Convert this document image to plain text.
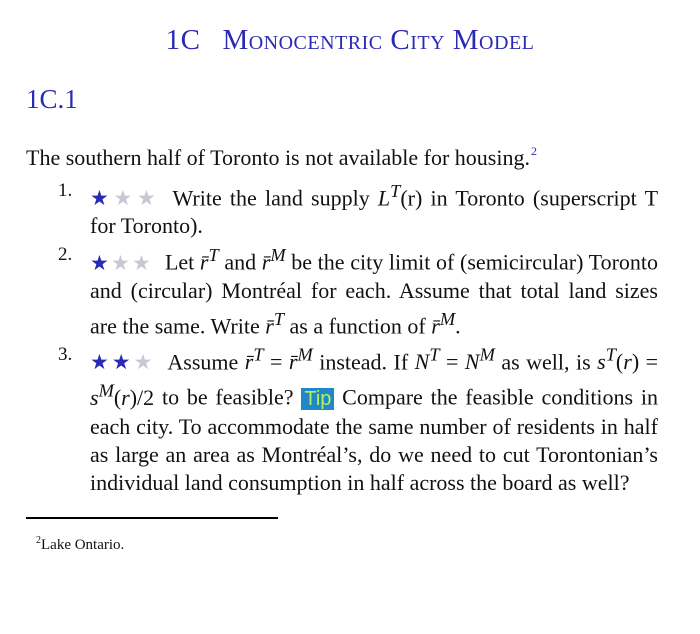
1C Monocentric City Model
1C.1
The southern half of Toronto is not available for housing.$^2$
1. ★★★ Write the land supply $L^T(r)$ in Toronto (superscript T for Toronto).
2. ★★★ Let r̄$^T$ and r̄$^M$ be the city limit of (semicircular) Toronto and (circular) Montréal for each. Assume that total land sizes are the same. Write r̄$^T$ as a function of r̄$^M$.
3. ★★★ Assume r̄$^T$ = r̄$^M$ instead. If $N^T = N^M$ as well, is $s^T(r) = s^M(r)/2$ to be feasible? Tip Compare the feasible conditions in each city. To accommodate the same number of residents in half as large an area as Montréal’s, do we need to cut Torontonian’s individual land consumption in half across the board as well?
$^2$Lake Ontario.
